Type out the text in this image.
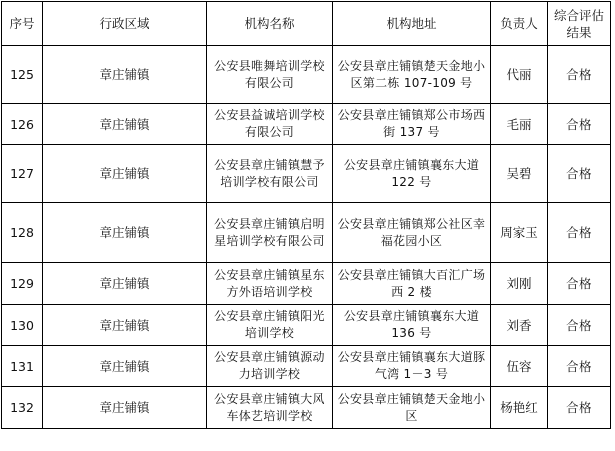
序号	行政区域	机构名称	机构地址	负责人	综合评估结果
125	章庄铺镇	公安县唯舞培训学校有限公司	公安县章庄铺镇楚天金地小区第二栋 107-109 号	代丽	合格
126	章庄铺镇	公安县益诚培训学校有限公司	公安县章庄铺镇郑公市场西街 137 号	毛丽	合格
127	章庄铺镇	公安县章庄铺镇慧予培训学校有限公司	公安县章庄铺镇襄东大道 122 号	吴碧	合格
128	章庄铺镇	公安县章庄铺镇启明星培训学校有限公司	公安县章庄铺镇郑公社区幸福花园小区	周家玉	合格
129	章庄铺镇	公安县章庄铺镇星东方外语培训学校	公安县章庄铺镇大百汇广场西 2 楼	刘刚	合格
130	章庄铺镇	公安县章庄铺镇阳光培训学校	公安县章庄铺镇襄东大道 136 号	刘香	合格
131	章庄铺镇	公安县章庄铺镇源动力培训学校	公安县章庄铺镇襄东大道豚气湾 1－3 号	伍容	合格
132	章庄铺镇	公安县章庄铺镇大风车体艺培训学校	公安县章庄铺镇楚天金地小区	杨艳红	合格
